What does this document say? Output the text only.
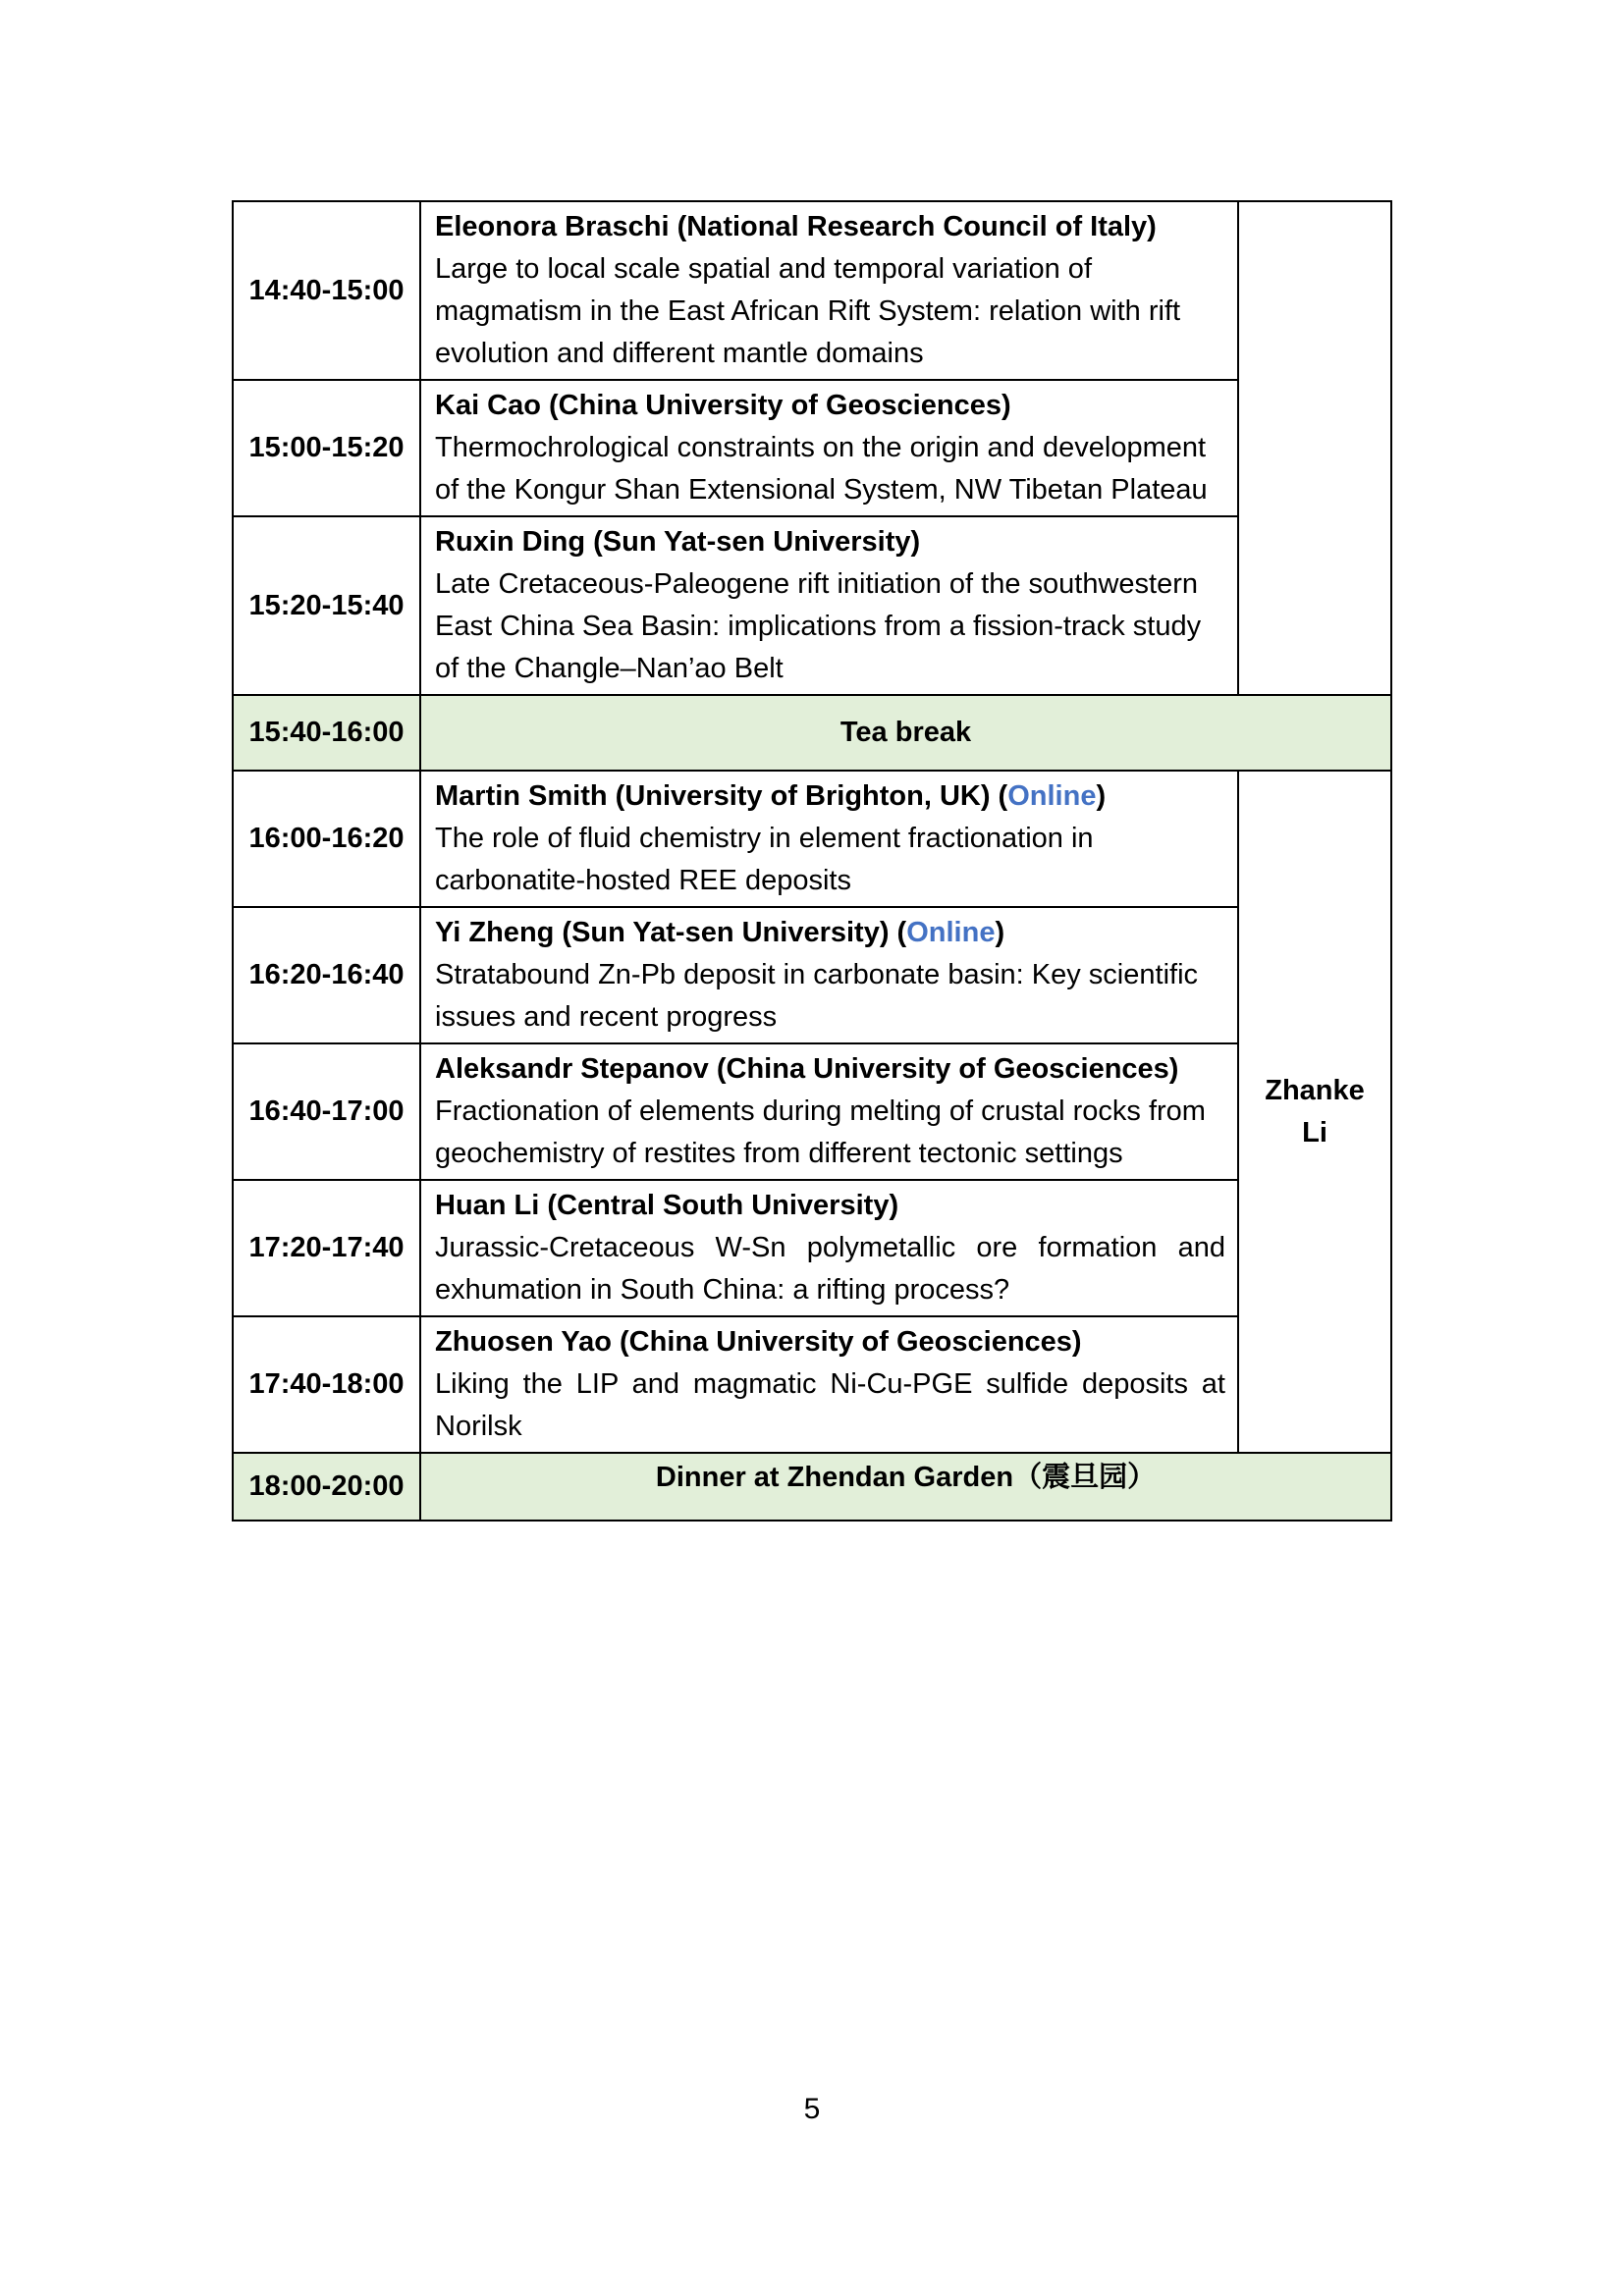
14:40-15:00	Eleonora Braschi (National Research Council of Italy)
Large to local scale spatial and temporal variation of magmatism in the East African Rift System: relation with rift evolution and different mantle domains	

15:00-15:20	Kai Cao (China University of Geosciences)
Thermochrological constraints on the origin and development of the Kongur Shan Extensional System, NW Tibetan Plateau	

15:20-15:40	Ruxin Ding (Sun Yat-sen University)
Late Cretaceous-Paleogene rift initiation of the southwestern East China Sea Basin: implications from a fission-track study of the Changle–Nan’ao Belt	

15:40-16:00	Tea break	
16:00-16:20	Martin Smith (University of Brighton, UK) (Online)
The role of fluid chemistry in element fractionation in carbonatite-hosted REE deposits	Zhanke Li
16:20-16:40	Yi Zheng (Sun Yat-sen University) (Online)
Stratabound Zn-Pb deposit in carbonate basin: Key scientific issues and recent progress	

16:40-17:00	Aleksandr Stepanov (China University of Geosciences)
Fractionation of elements during melting of crustal rocks from geochemistry of restites from different tectonic settings	

17:20-17:40	Huan Li (Central South University)
Jurassic-Cretaceous W-Sn polymetallic ore formation and exhumation in South China: a rifting process?	

17:40-18:00	Zhuosen Yao (China University of Geosciences)
Liking the LIP and magmatic Ni-Cu-PGE sulfide deposits at Norilsk	

18:00-20:00	Dinner at Zhendan Garden（震旦园）	
5
